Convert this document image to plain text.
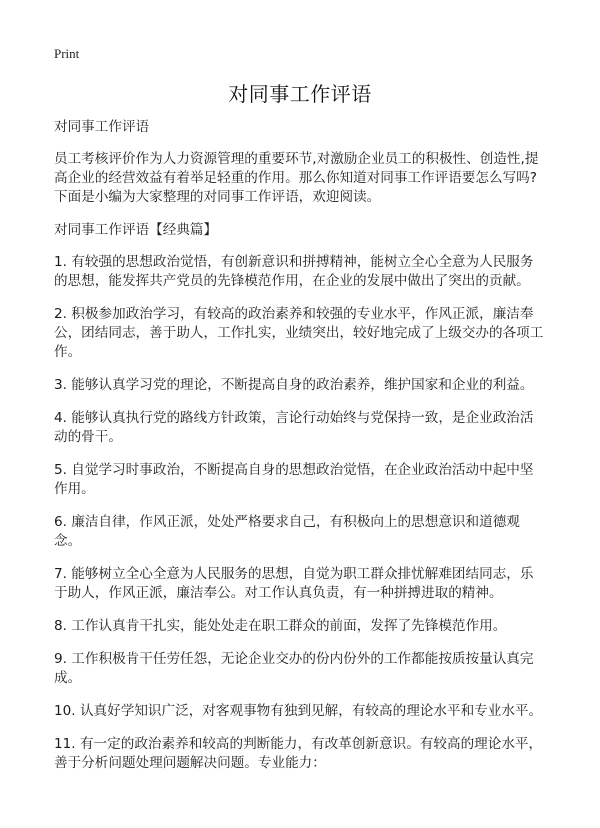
Print
对同事工作评语

对同事工作评语

员工考核评价作为人力资源管理的重要环节,对激励企业员工的积极性、创造性,提高企业的经营效益有着举足轻重的作用。那么你知道对同事工作评语要怎么写吗?下面是小编为大家整理的对同事工作评语，欢迎阅读。

对同事工作评语【经典篇】

1. 有较强的思想政治觉悟，有创新意识和拼搏精神，能树立全心全意为人民服务的思想，能发挥共产党员的先锋模范作用，在企业的发展中做出了突出的贡献。

2. 积极参加政治学习，有较高的政治素养和较强的专业水平，作风正派，廉洁奉公，团结同志，善于助人，工作扎实，业绩突出，较好地完成了上级交办的各项工作。

3. 能够认真学习党的理论，不断提高自身的政治素养，维护国家和企业的利益。

4. 能够认真执行党的路线方针政策，言论行动始终与党保持一致，是企业政治活动的骨干。

5. 自觉学习时事政治，不断提高自身的思想政治觉悟，在企业政治活动中起中坚作用。

6. 廉洁自律，作风正派，处处严格要求自己，有积极向上的思想意识和道德观念。

7. 能够树立全心全意为人民服务的思想，自觉为职工群众排忧解难团结同志，乐于助人，作风正派，廉洁奉公。对工作认真负责，有一种拼搏进取的精神。

8. 工作认真肯干扎实，能处处走在职工群众的前面，发挥了先锋模范作用。

9. 工作积极肯干任劳任怨，无论企业交办的份内份外的工作都能按质按量认真完成。

10. 认真好学知识广泛，对客观事物有独到见解，有较高的理论水平和专业水平。

11. 有一定的政治素养和较高的判断能力，有改革创新意识。有较高的理论水平，善于分析问题处理问题解决问题。专业能力：
